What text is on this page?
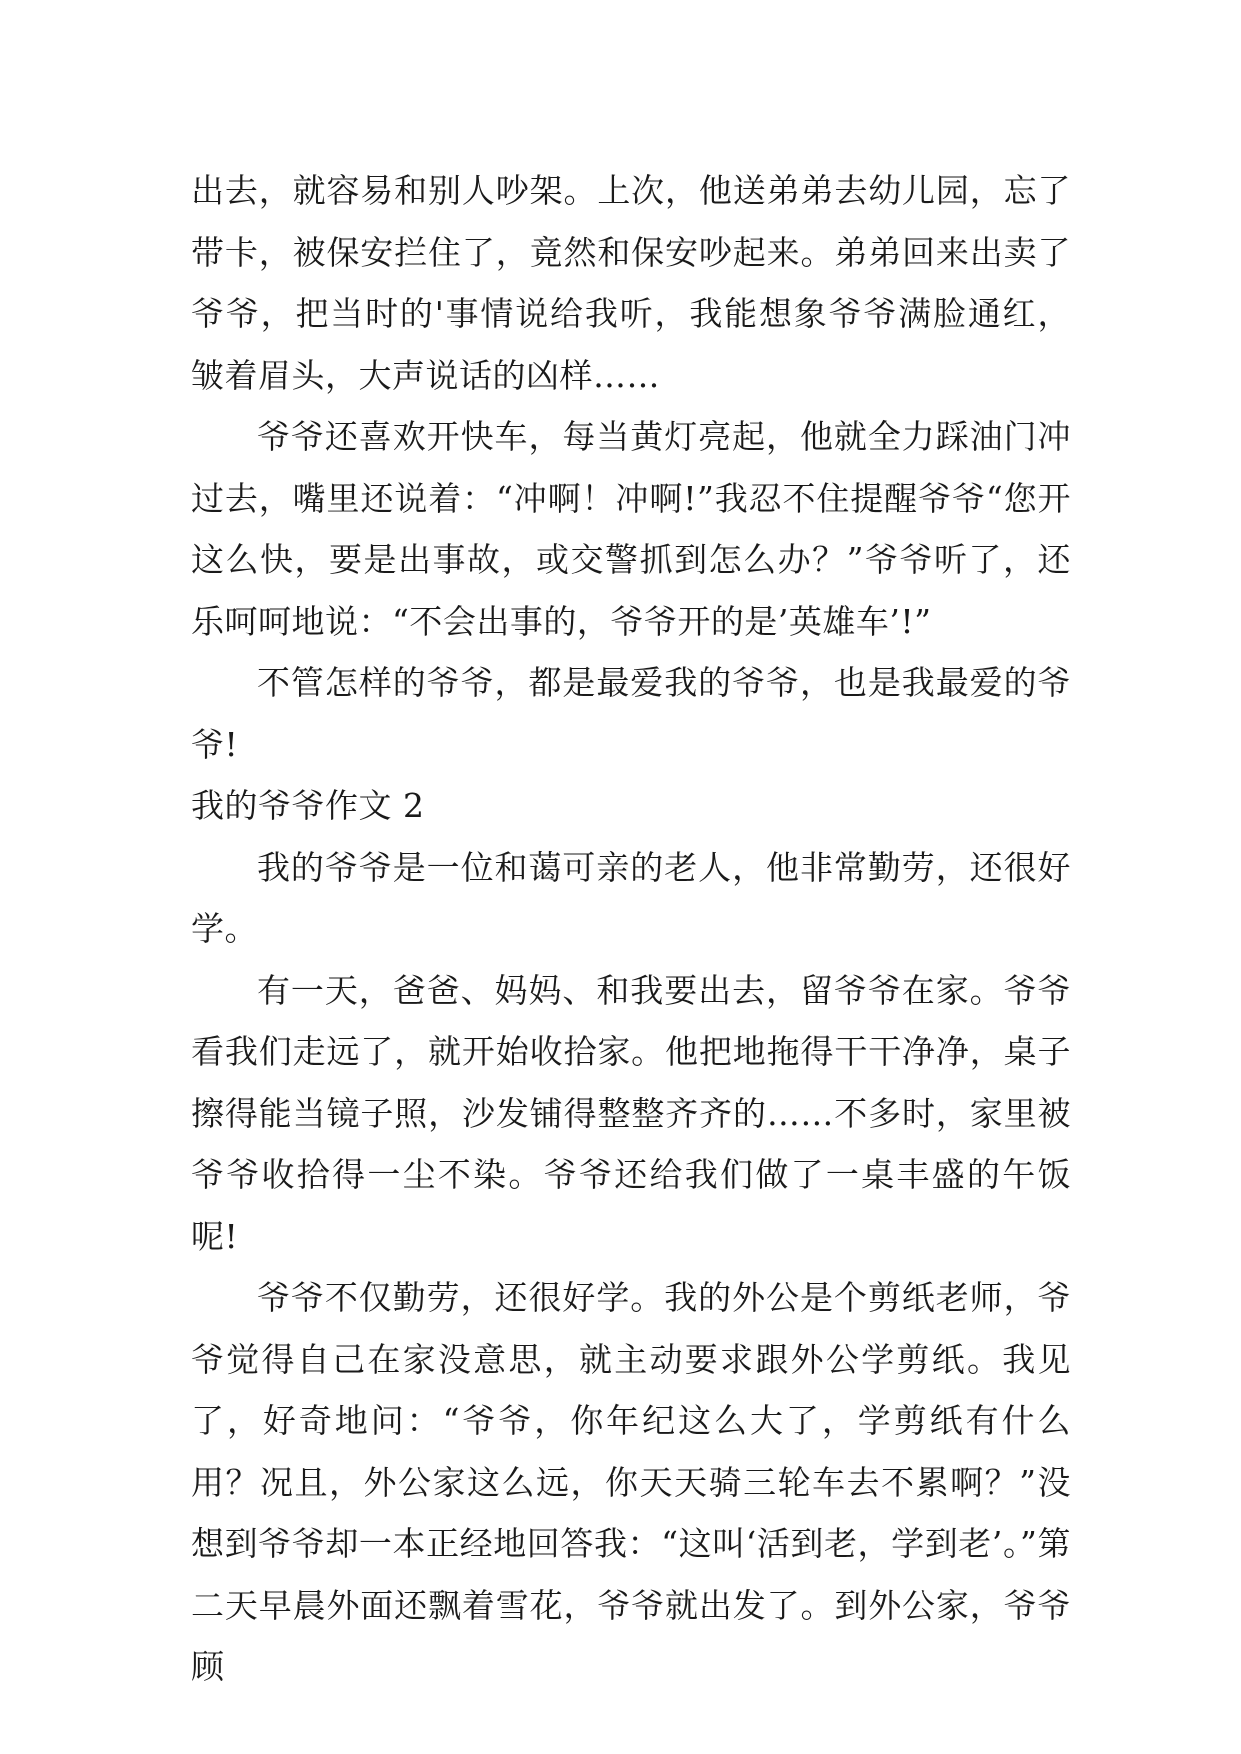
出去，就容易和别人吵架。上次，他送弟弟去幼儿园，忘了带卡，被保安拦住了，竟然和保安吵起来。弟弟回来出卖了爷爷，把当时的'事情说给我听，我能想象爷爷满脸通红，皱着眉头，大声说话的凶样……

爷爷还喜欢开快车，每当黄灯亮起，他就全力踩油门冲过去，嘴里还说着：“冲啊！冲啊!”我忍不住提醒爷爷“您开这么快，要是出事故，或交警抓到怎么办？”爷爷听了，还乐呵呵地说：“不会出事的，爷爷开的是’英雄车’!”

不管怎样的爷爷，都是最爱我的爷爷，也是我最爱的爷爷!

我的爷爷作文 2

我的爷爷是一位和蔼可亲的老人，他非常勤劳，还很好学。

有一天，爸爸、妈妈、和我要出去，留爷爷在家。爷爷看我们走远了，就开始收拾家。他把地拖得干干净净，桌子擦得能当镜子照，沙发铺得整整齐齐的……不多时，家里被爷爷收拾得一尘不染。爷爷还给我们做了一桌丰盛的午饭呢!

爷爷不仅勤劳，还很好学。我的外公是个剪纸老师，爷爷觉得自己在家没意思，就主动要求跟外公学剪纸。我见了，好奇地问：“爷爷，你年纪这么大了，学剪纸有什么用？况且，外公家这么远，你天天骑三轮车去不累啊？”没想到爷爷却一本正经地回答我：“这叫‘活到老，学到老’。”第二天早晨外面还飘着雪花，爷爷就出发了。到外公家，爷爷顾
